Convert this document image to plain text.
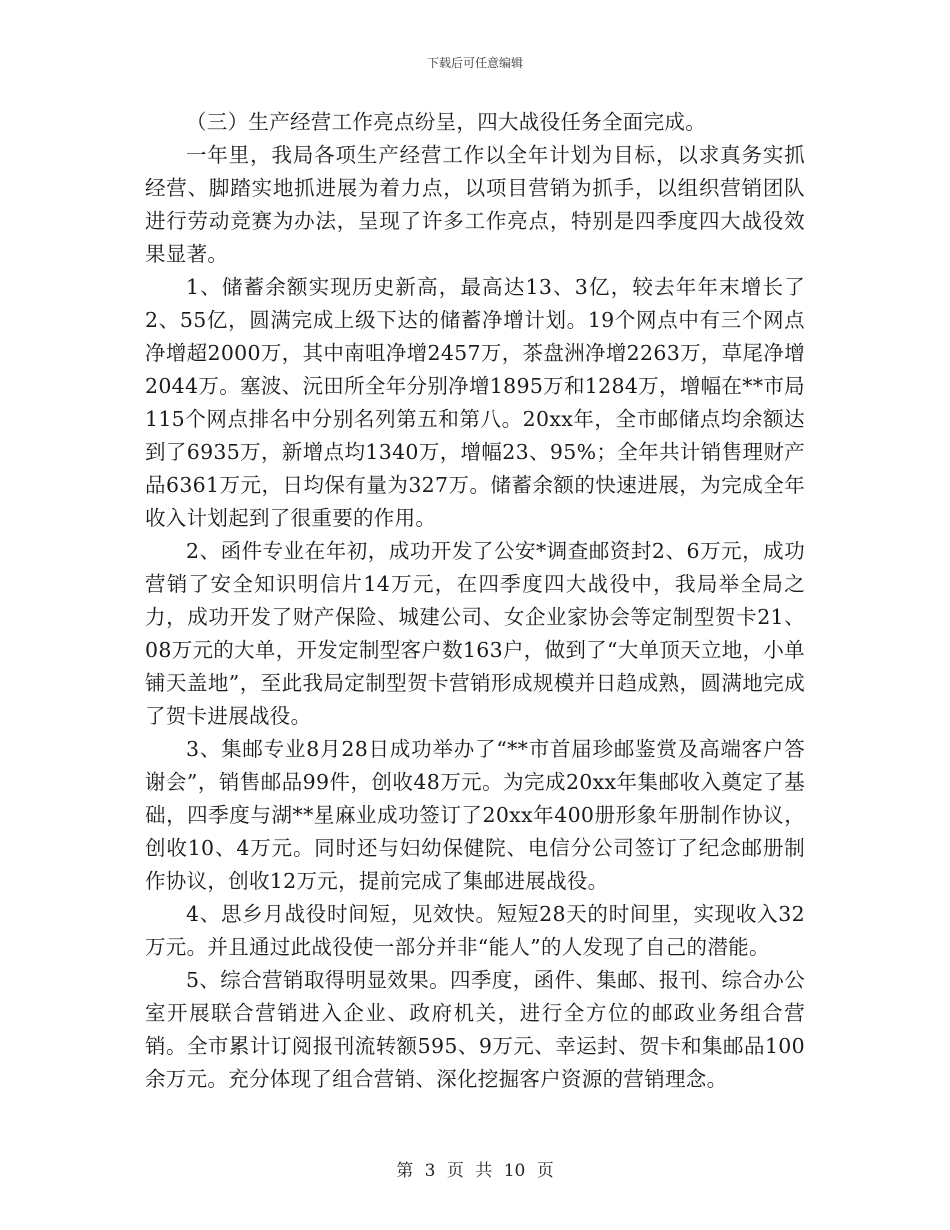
下载后可任意编辑

（三）生产经营工作亮点纷呈，四大战役任务全面完成。

一年里，我局各项生产经营工作以全年计划为目标，以求真务实抓经营、脚踏实地抓进展为着力点，以项目营销为抓手，以组织营销团队进行劳动竞赛为办法，呈现了许多工作亮点，特别是四季度四大战役效果显著。

1、储蓄余额实现历史新高，最高达13、3亿，较去年年末增长了2、55亿，圆满完成上级下达的储蓄净增计划。19个网点中有三个网点净增超2000万，其中南咀净增2457万，茶盘洲净增2263万，草尾净增2044万。塞波、沅田所全年分别净增1895万和1284万，增幅在**市局115个网点排名中分别名列第五和第八。20xx年，全市邮储点均余额达到了6935万，新增点均1340万，增幅23、95%；全年共计销售理财产品6361万元，日均保有量为327万。储蓄余额的快速进展，为完成全年收入计划起到了很重要的作用。

2、函件专业在年初，成功开发了公安*调查邮资封2、6万元，成功营销了安全知识明信片14万元，在四季度四大战役中，我局举全局之力，成功开发了财产保险、城建公司、女企业家协会等定制型贺卡21、08万元的大单，开发定制型客户数163户，做到了“大单顶天立地，小单铺天盖地”，至此我局定制型贺卡营销形成规模并日趋成熟，圆满地完成了贺卡进展战役。

3、集邮专业8月28日成功举办了“**市首届珍邮鉴赏及高端客户答谢会”，销售邮品99件，创收48万元。为完成20xx年集邮收入奠定了基础，四季度与湖**星麻业成功签订了20xx年400册形象年册制作协议，创收10、4万元。同时还与妇幼保健院、电信分公司签订了纪念邮册制作协议，创收12万元，提前完成了集邮进展战役。

4、思乡月战役时间短，见效快。短短28天的时间里，实现收入32万元。并且通过此战役使一部分并非“能人”的人发现了自己的潜能。

5、综合营销取得明显效果。四季度，函件、集邮、报刊、综合办公室开展联合营销进入企业、政府机关，进行全方位的邮政业务组合营销。全市累计订阅报刊流转额595、9万元、幸运封、贺卡和集邮品100余万元。充分体现了组合营销、深化挖掘客户资源的营销理念。

第 3 页 共 10 页
